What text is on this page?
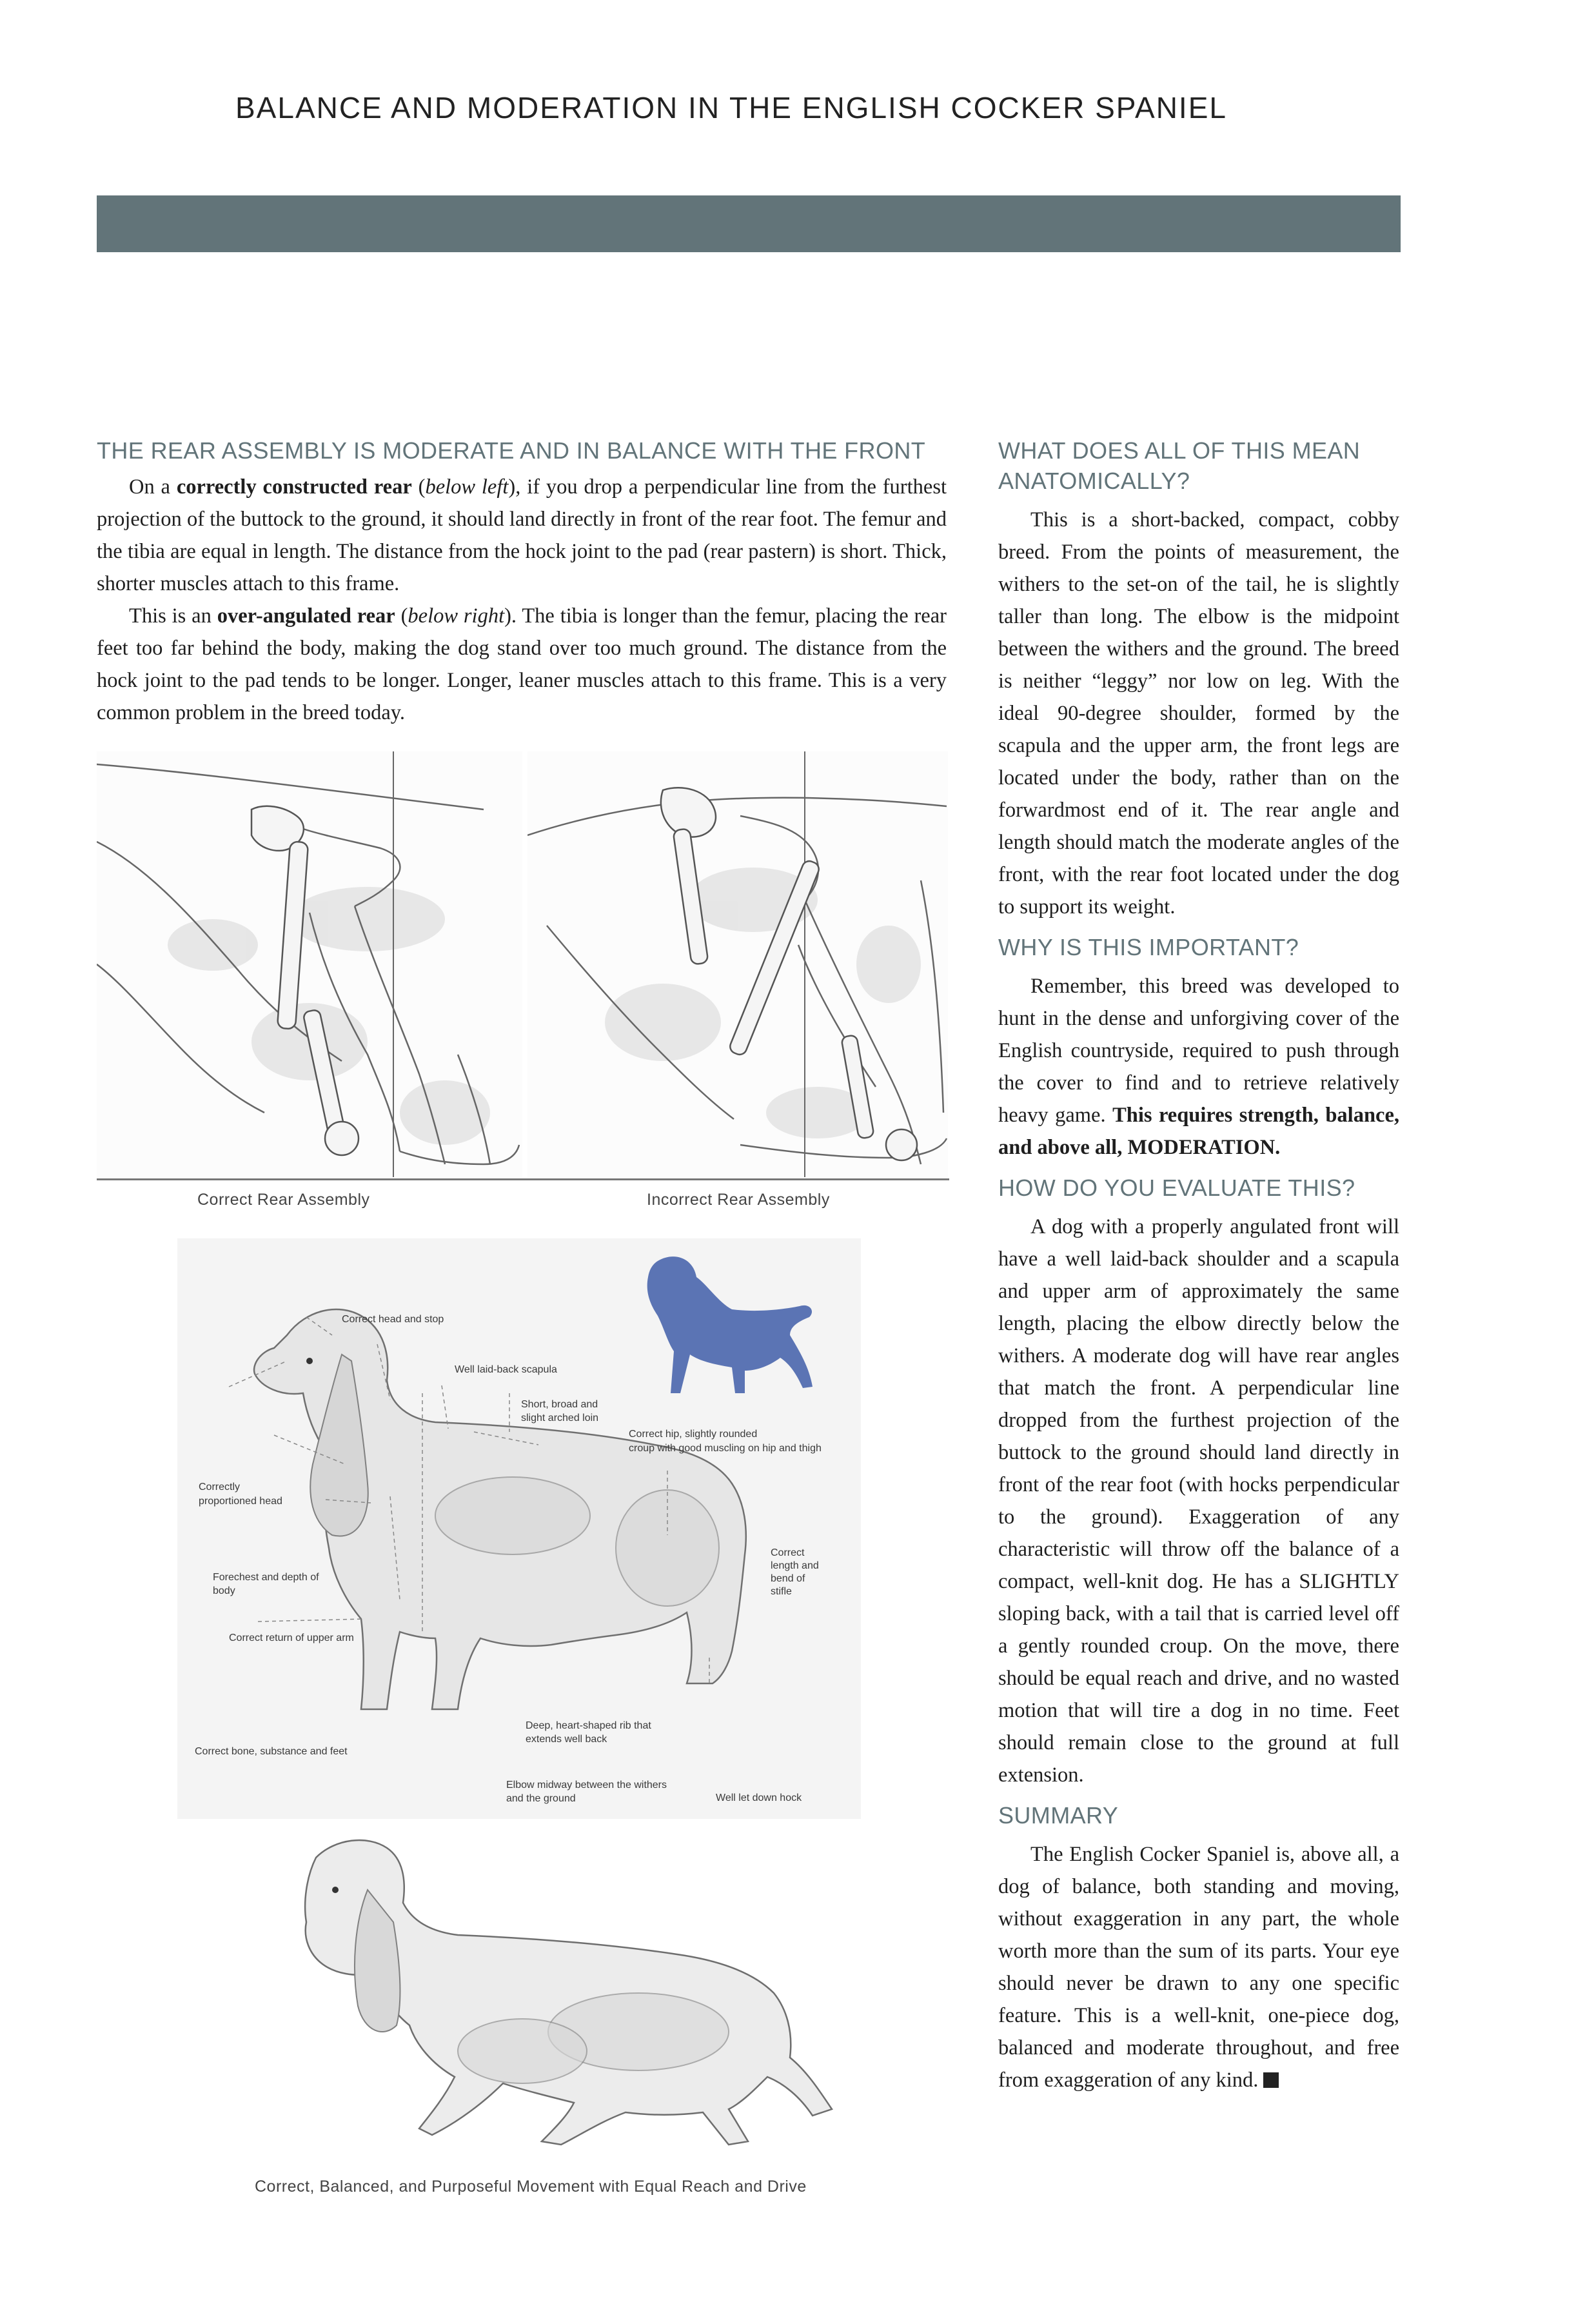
BALANCE AND MODERATION IN THE ENGLISH COCKER SPANIEL
THE REAR ASSEMBLY IS MODERATE AND IN BALANCE WITH THE FRONT

On a correctly constructed rear (below left), if you drop a perpendicular line from the furthest projection of the buttock to the ground, it should land directly in front of the rear foot. The femur and the tibia are equal in length. The distance from the hock joint to the pad (rear pastern) is short. Thick, shorter muscles attach to this frame.

This is an over-angulated rear (below right). The tibia is longer than the femur, placing the rear feet too far behind the body, making the dog stand over too much ground. The distance from the hock joint to the pad tends to be longer. Longer, leaner muscles attach to this frame. This is a very common problem in the breed today.

Correct Rear Assembly	Incorrect Rear Assembly
Correct head and stop
Well laid-back scapula
Short, broad and
slight arched loin
Correct hip, slightly rounded
croup with good muscling on hip and thigh
Correctly
proportioned head
Forechest and depth of
body
Correct return of upper arm
Correct
length and
bend of
stifle
Correct bone, substance and feet
Deep, heart-shaped rib that
extends well back
Elbow midway between the withers
and the ground	Well let down hock
Correct, Balanced, and Purposeful Movement with Equal Reach and Drive
WHAT DOES ALL OF THIS MEAN ANATOMICALLY?

This is a short-backed, compact, cobby breed. From the points of measurement, the withers to the set-on of the tail, he is slightly taller than long. The elbow is the midpoint between the withers and the ground. The breed is neither “leggy” nor low on leg. With the ideal 90-degree shoulder, formed by the scapula and the upper arm, the front legs are located under the body, rather than on the forwardmost end of it. The rear angle and length should match the moderate angles of the front, with the rear foot located under the dog to support its weight.

WHY IS THIS IMPORTANT?

Remember, this breed was developed to hunt in the dense and unforgiving cover of the English countryside, required to push through the cover to find and to retrieve relatively heavy game. This requires strength, balance, and above all, MODERATION.

HOW DO YOU EVALUATE THIS?

A dog with a properly angulated front will have a well laid-back shoulder and a scapula and upper arm of approximately the same length, placing the elbow directly below the withers. A moderate dog will have rear angles that match the front. A perpendicular line dropped from the furthest projection of the buttock to the ground should land directly in front of the rear foot (with hocks perpendicular to the ground). Exaggeration of any characteristic will throw off the balance of a compact, well-knit dog. He has a SLIGHTLY sloping back, with a tail that is carried level off a gently rounded croup. On the move, there should be equal reach and drive, and no wasted motion that will tire a dog in no time. Feet should remain close to the ground at full extension.

SUMMARY

The English Cocker Spaniel is, above all, a dog of balance, both standing and moving, without exaggeration in any part, the whole worth more than the sum of its parts. Your eye should never be drawn to any one specific feature. This is a well-knit, one-piece dog, balanced and moderate throughout, and free from exaggeration of any kind.
